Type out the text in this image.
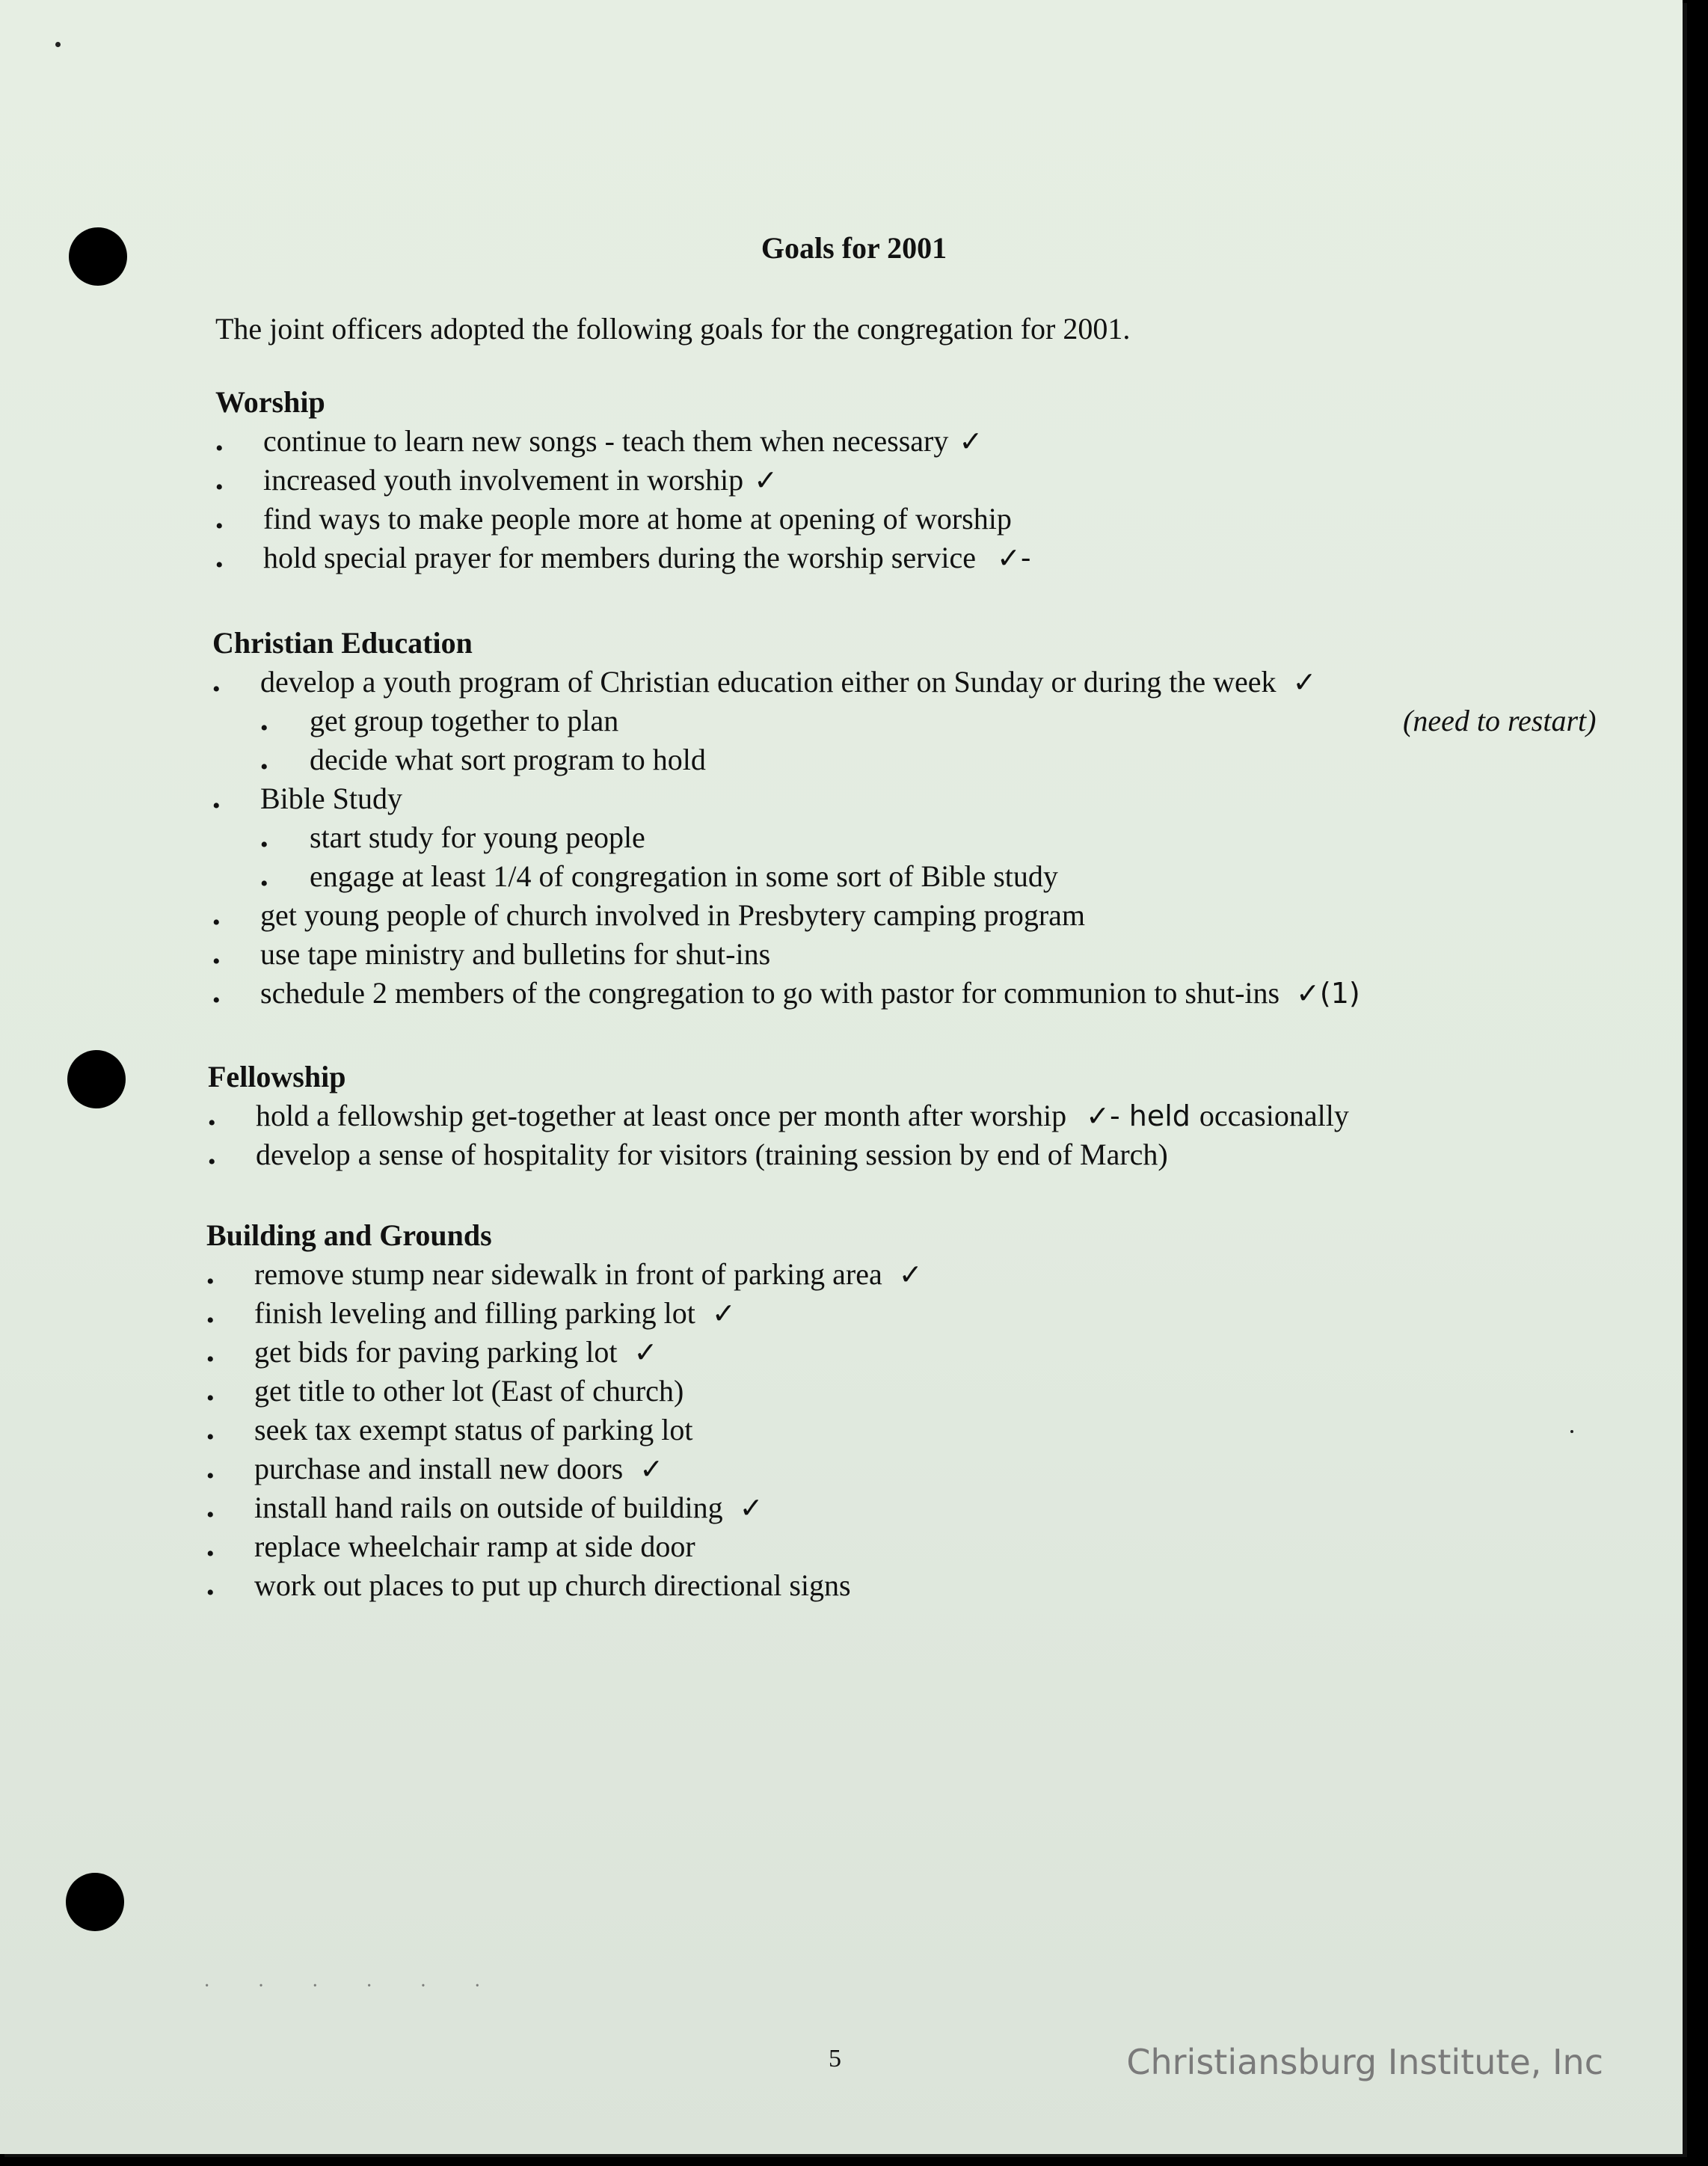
Goals for 2001
The joint officers adopted the following goals for the congregation for 2001.
Worship
•	continue to learn new songs - teach them when necessary ✓
•	increased youth involvement in worship ✓
•	find ways to make people more at home at opening of worship
•	hold special prayer for members during the worship service ✓-
Christian Education
•	develop a youth program of Christian education either on Sunday or during the week ✓
•	get group together to plan	(need to restart)
•	decide what sort program to hold
•	Bible Study
•	start study for young people
•	engage at least 1/4 of congregation in some sort of Bible study
•	get young people of church involved in Presbytery camping program
•	use tape ministry and bulletins for shut-ins
•	schedule 2 members of the congregation to go with pastor for communion to shut-ins ✓(1)
Fellowship
•	hold a fellowship get-together at least once per month after worship ✓- held occasionally
•	develop a sense of hospitality for visitors (training session by end of March)
Building and Grounds
•	remove stump near sidewalk in front of parking area ✓
•	finish leveling and filling parking lot ✓
•	get bids for paving parking lot ✓
•	get title to other lot (East of church)
•	seek tax exempt status of parking lot
•	purchase and install new doors ✓
•	install hand rails on outside of building ✓
•	replace wheelchair ramp at side door
•	work out places to put up church directional signs
· · · · · ·
5	Christiansburg Institute, Inc
